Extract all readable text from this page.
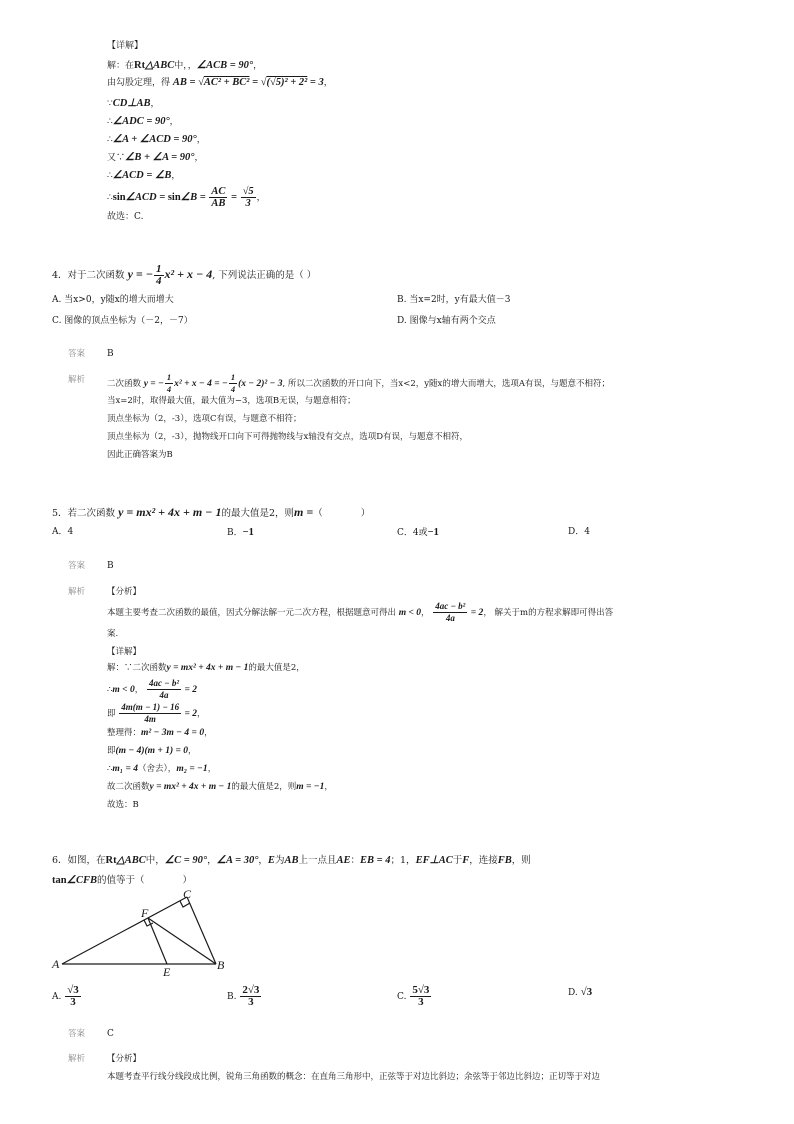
【详解】
解：在Rt△ABC中，，∠ACB = 90°，
由勾股定理，得 AB = √AC² + BC² = √(√5)² + 2² = 3，
∵CD⊥AB，
∴∠ADC = 90°，
∴∠A + ∠ACD = 90°，
又∵∠B + ∠A = 90°，
∴∠ACD = ∠B，
∴sin∠ACD = sin∠B = $\frac{AC}{AB} = \frac{√5}{3}$ ，
故选：C.
4．对于二次函数 y = − $\frac{1}{4} x^2 + x - 4$, 下列说法正确的是（ ）
A. 当x>0，y随x的增大而增大	B. 当x=2时，y有最大值－3
C. 图像的顶点坐标为（－2，－7）	D. 图像与x轴有两个交点
答案 B
解析	二次函数 y = − $\frac{1}{4} x^2 + x - 4$ = − $\frac{1}{4} (x - 2)^2 - 3$, 所以二次函数的开口向下，当x<2，y随x的增大而增大，选项A有误，与题意不相符；
当x=2时，取得最大值，最大值为−3，选项B无误，与题意相符；
顶点坐标为（2，-3），选项C有误，与题意不相符；
顶点坐标为（2，-3），抛物线开口向下可得抛物线与x轴没有交点，选项D有误，与题意不相符，
因此正确答案为B
5．若二次函数 y = mx² + 4x + m − 1的最大值是2，则m =（　　　　）
A．4	B．−1	C．4或−1	D．4
答案 B
解析	【分析】
本题主要考查二次函数的最值，因式分解法解一元二次方程，根据题意可得出 m < 0， $\frac{\text{4ac − b²}}{4a} = 2$， 解关于m的方程求解即可得出答
案.
【详解】
解：∵二次函数y = mx² + 4x + m − 1的最大值是2，
∴m < 0， $\frac{\text{4ac − b²}}{4a} = 2$
即 $\frac{4m(m - 1) - 16}{4m} = 2$，
整理得：m² − 3m − 4 = 0，
即(m − 4)(m + 1) = 0，
∴m₁ = 4（舍去），m₂ = −1，
故二次函数y = mx² + 4x + m − 1的最大值是2，则m = −1，
故选：B
6．如图，在Rt△ABC中，∠C = 90°，∠A = 30°，E为AB上一点且AE：EB = 4；1，EF⊥AC于F，连接FB，则
tan∠CFB的值等于（　　　　）
A
E	B
F
C
A. $\frac{√3}{3}$	B. $\frac{2√3}{3}$	C. $\frac{5√3}{3}$	D. √3
答案 C
解析	【分析】
本题考查平行线分线段成比例，锐角三角函数的概念：在直角三角形中，正弦等于对边比斜边；余弦等于邻边比斜边；正切等于对边
